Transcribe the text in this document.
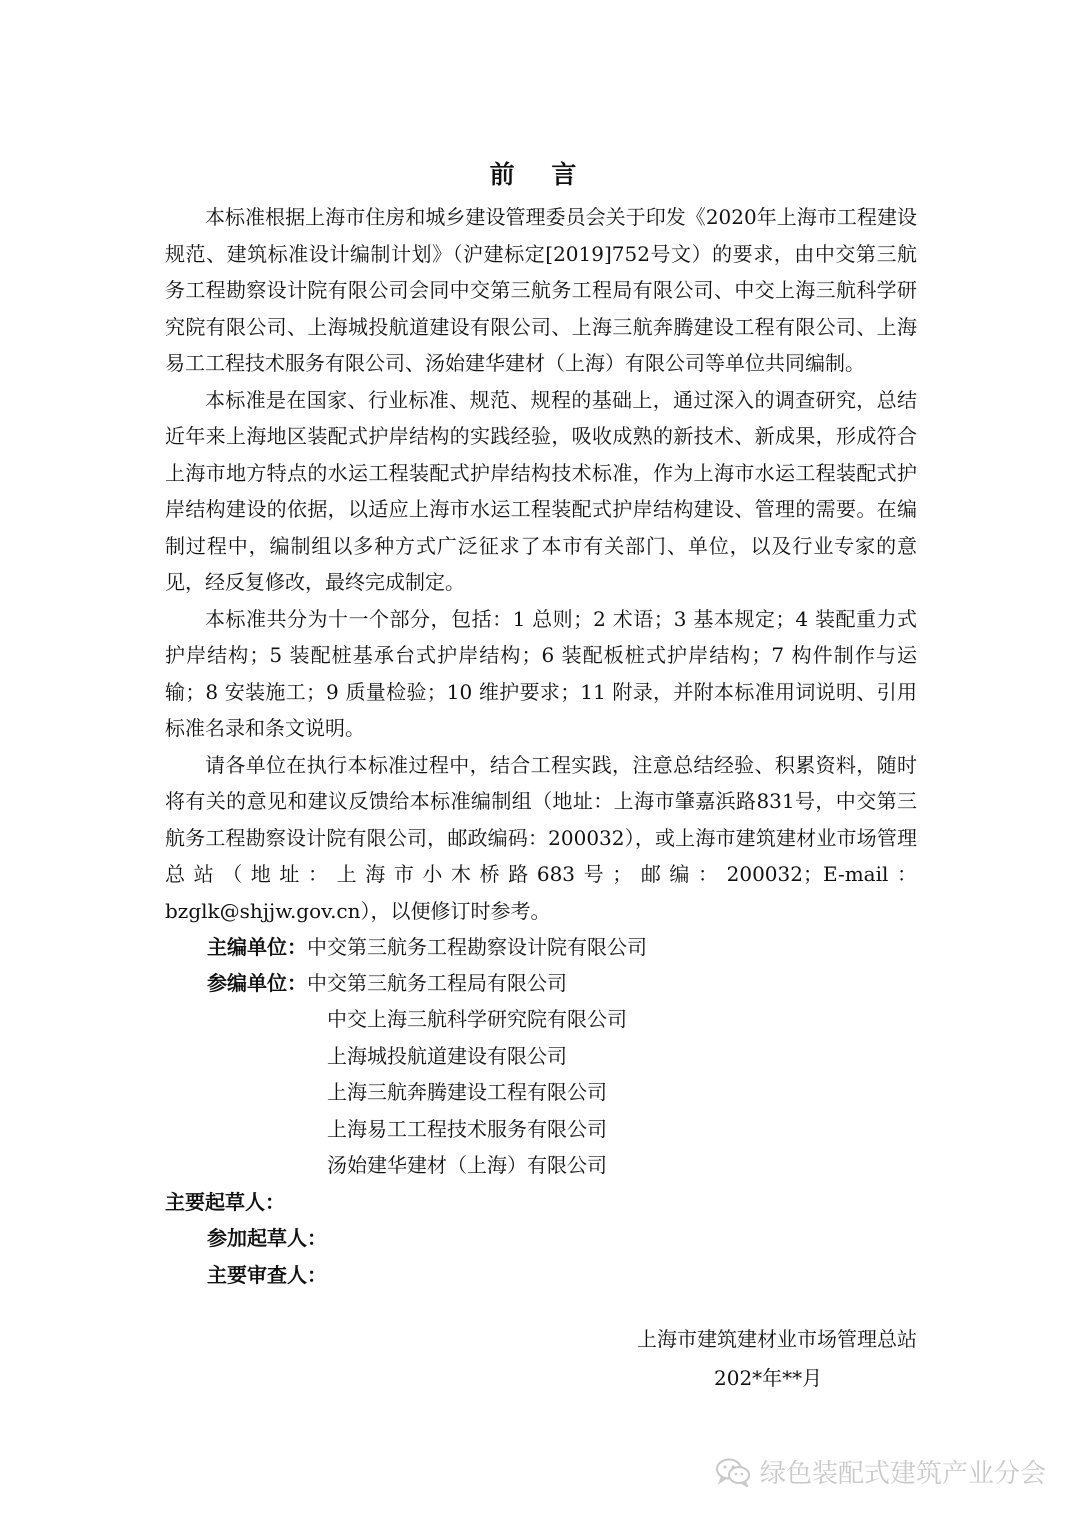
前 言

本标准根据上海市住房和城乡建设管理委员会关于印发《2020年上海市工程建设规范、建筑标准设计编制计划》（沪建标定[2019]752号文）的要求，由中交第三航务工程勘察设计院有限公司会同中交第三航务工程局有限公司、中交上海三航科学研究院有限公司、上海城投航道建设有限公司、上海三航奔腾建设工程有限公司、上海易工工程技术服务有限公司、汤始建华建材（上海）有限公司等单位共同编制。

本标准是在国家、行业标准、规范、规程的基础上，通过深入的调查研究，总结近年来上海地区装配式护岸结构的实践经验，吸收成熟的新技术、新成果，形成符合上海市地方特点的水运工程装配式护岸结构技术标准，作为上海市水运工程装配式护岸结构建设的依据，以适应上海市水运工程装配式护岸结构建设、管理的需要。在编制过程中，编制组以多种方式广泛征求了本市有关部门、单位，以及行业专家的意见，经反复修改，最终完成制定。

本标准共分为十一个部分，包括：1 总则；2 术语；3 基本规定；4 装配重力式护岸结构；5 装配桩基承台式护岸结构；6 装配板桩式护岸结构；7 构件制作与运输；8 安装施工；9 质量检验；10 维护要求；11 附录，并附本标准用词说明、引用标准名录和条文说明。

请各单位在执行本标准过程中，结合工程实践，注意总结经验、积累资料，随时将有关的意见和建议反馈给本标准编制组（地址：上海市肇嘉浜路831号，中交第三航务工程勘察设计院有限公司，邮政编码：200032），或上海市建筑建材业市场管理总站（地址：上海市小木桥路683号；邮编：200032；E-mail：bzglk@shjjw.gov.cn），以便修订时参考。

主编单位：中交第三航务工程勘察设计院有限公司

参编单位：中交第三航务工程局有限公司

中交上海三航科学研究院有限公司

上海城投航道建设有限公司

上海三航奔腾建设工程有限公司

上海易工工程技术服务有限公司

汤始建华建材（上海）有限公司

主要起草人：

参加起草人：

主要审查人：

上海市建筑建材业市场管理总站
202*年**月
绿色装配式建筑产业分会
